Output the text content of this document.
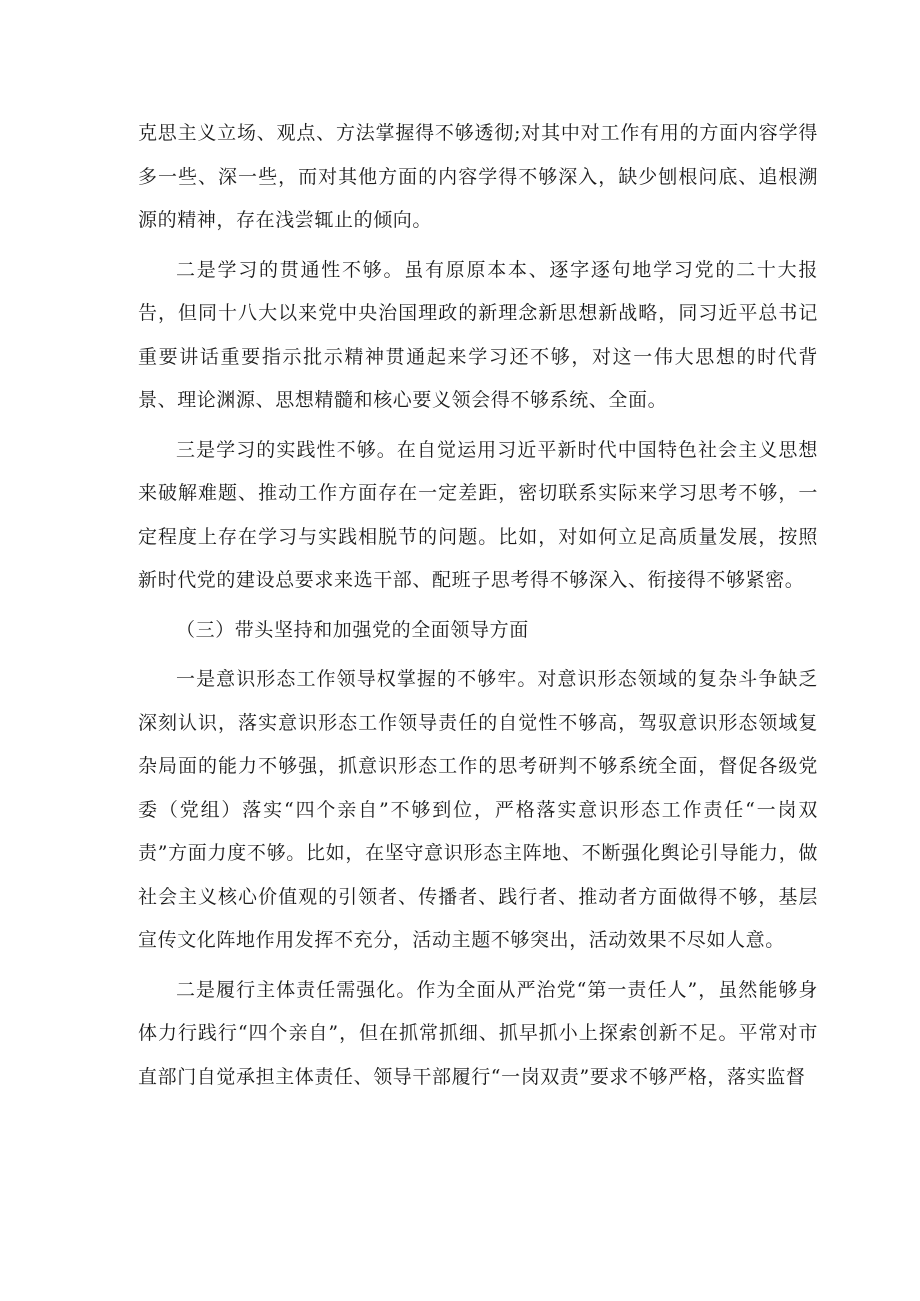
克思主义立场、观点、方法掌握得不够透彻;对其中对工作有用的方面内容学得多一些、深一些，而对其他方面的内容学得不够深入，缺少刨根问底、追根溯源的精神，存在浅尝辄止的倾向。

二是学习的贯通性不够。虽有原原本本、逐字逐句地学习党的二十大报告，但同十八大以来党中央治国理政的新理念新思想新战略，同习近平总书记重要讲话重要指示批示精神贯通起来学习还不够，对这一伟大思想的时代背景、理论渊源、思想精髓和核心要义领会得不够系统、全面。

三是学习的实践性不够。在自觉运用习近平新时代中国特色社会主义思想来破解难题、推动工作方面存在一定差距，密切联系实际来学习思考不够，一定程度上存在学习与实践相脱节的问题。比如，对如何立足高质量发展，按照新时代党的建设总要求来选干部、配班子思考得不够深入、衔接得不够紧密。

（三）带头坚持和加强党的全面领导方面

一是意识形态工作领导权掌握的不够牢。对意识形态领域的复杂斗争缺乏深刻认识，落实意识形态工作领导责任的自觉性不够高，驾驭意识形态领域复杂局面的能力不够强，抓意识形态工作的思考研判不够系统全面，督促各级党委（党组）落实“四个亲自”不够到位，严格落实意识形态工作责任“一岗双责”方面力度不够。比如，在坚守意识形态主阵地、不断强化舆论引导能力，做社会主义核心价值观的引领者、传播者、践行者、推动者方面做得不够，基层宣传文化阵地作用发挥不充分，活动主题不够突出，活动效果不尽如人意。

二是履行主体责任需强化。作为全面从严治党“第一责任人”，虽然能够身体力行践行“四个亲自”，但在抓常抓细、抓早抓小上探索创新不足。平常对市直部门自觉承担主体责任、领导干部履行“一岗双责”要求不够严格，落实监督
